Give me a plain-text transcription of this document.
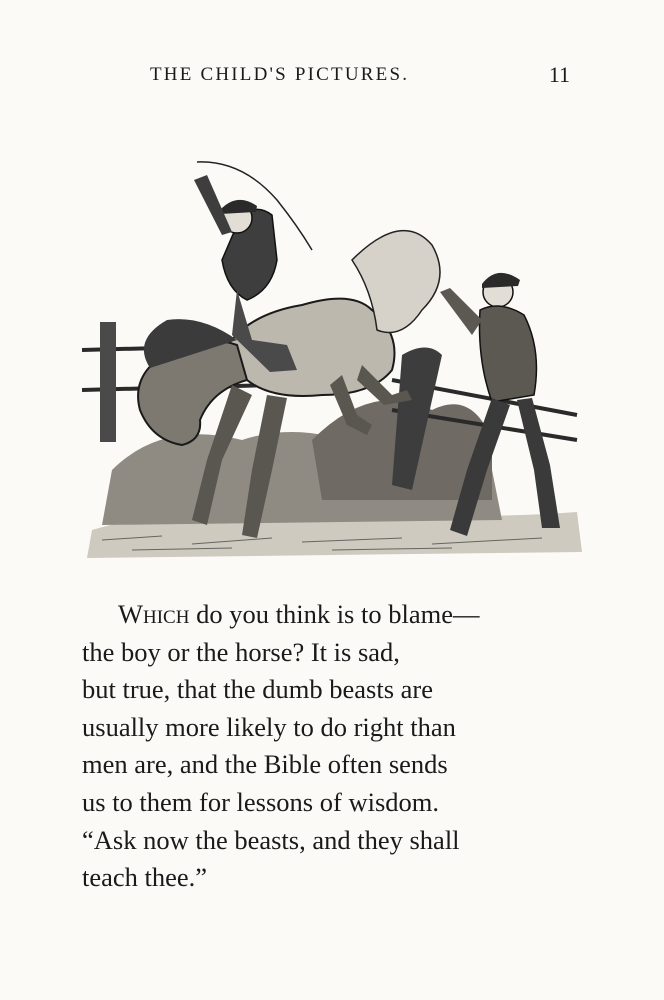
THE CHILD'S PICTURES.	11
Which do you think is to blame—
the boy or the horse? It is sad,
but true, that the dumb beasts are
usually more likely to do right than
men are, and the Bible often sends
us to them for lessons of wisdom.
“Ask now the beasts, and they shall
teach thee.”
